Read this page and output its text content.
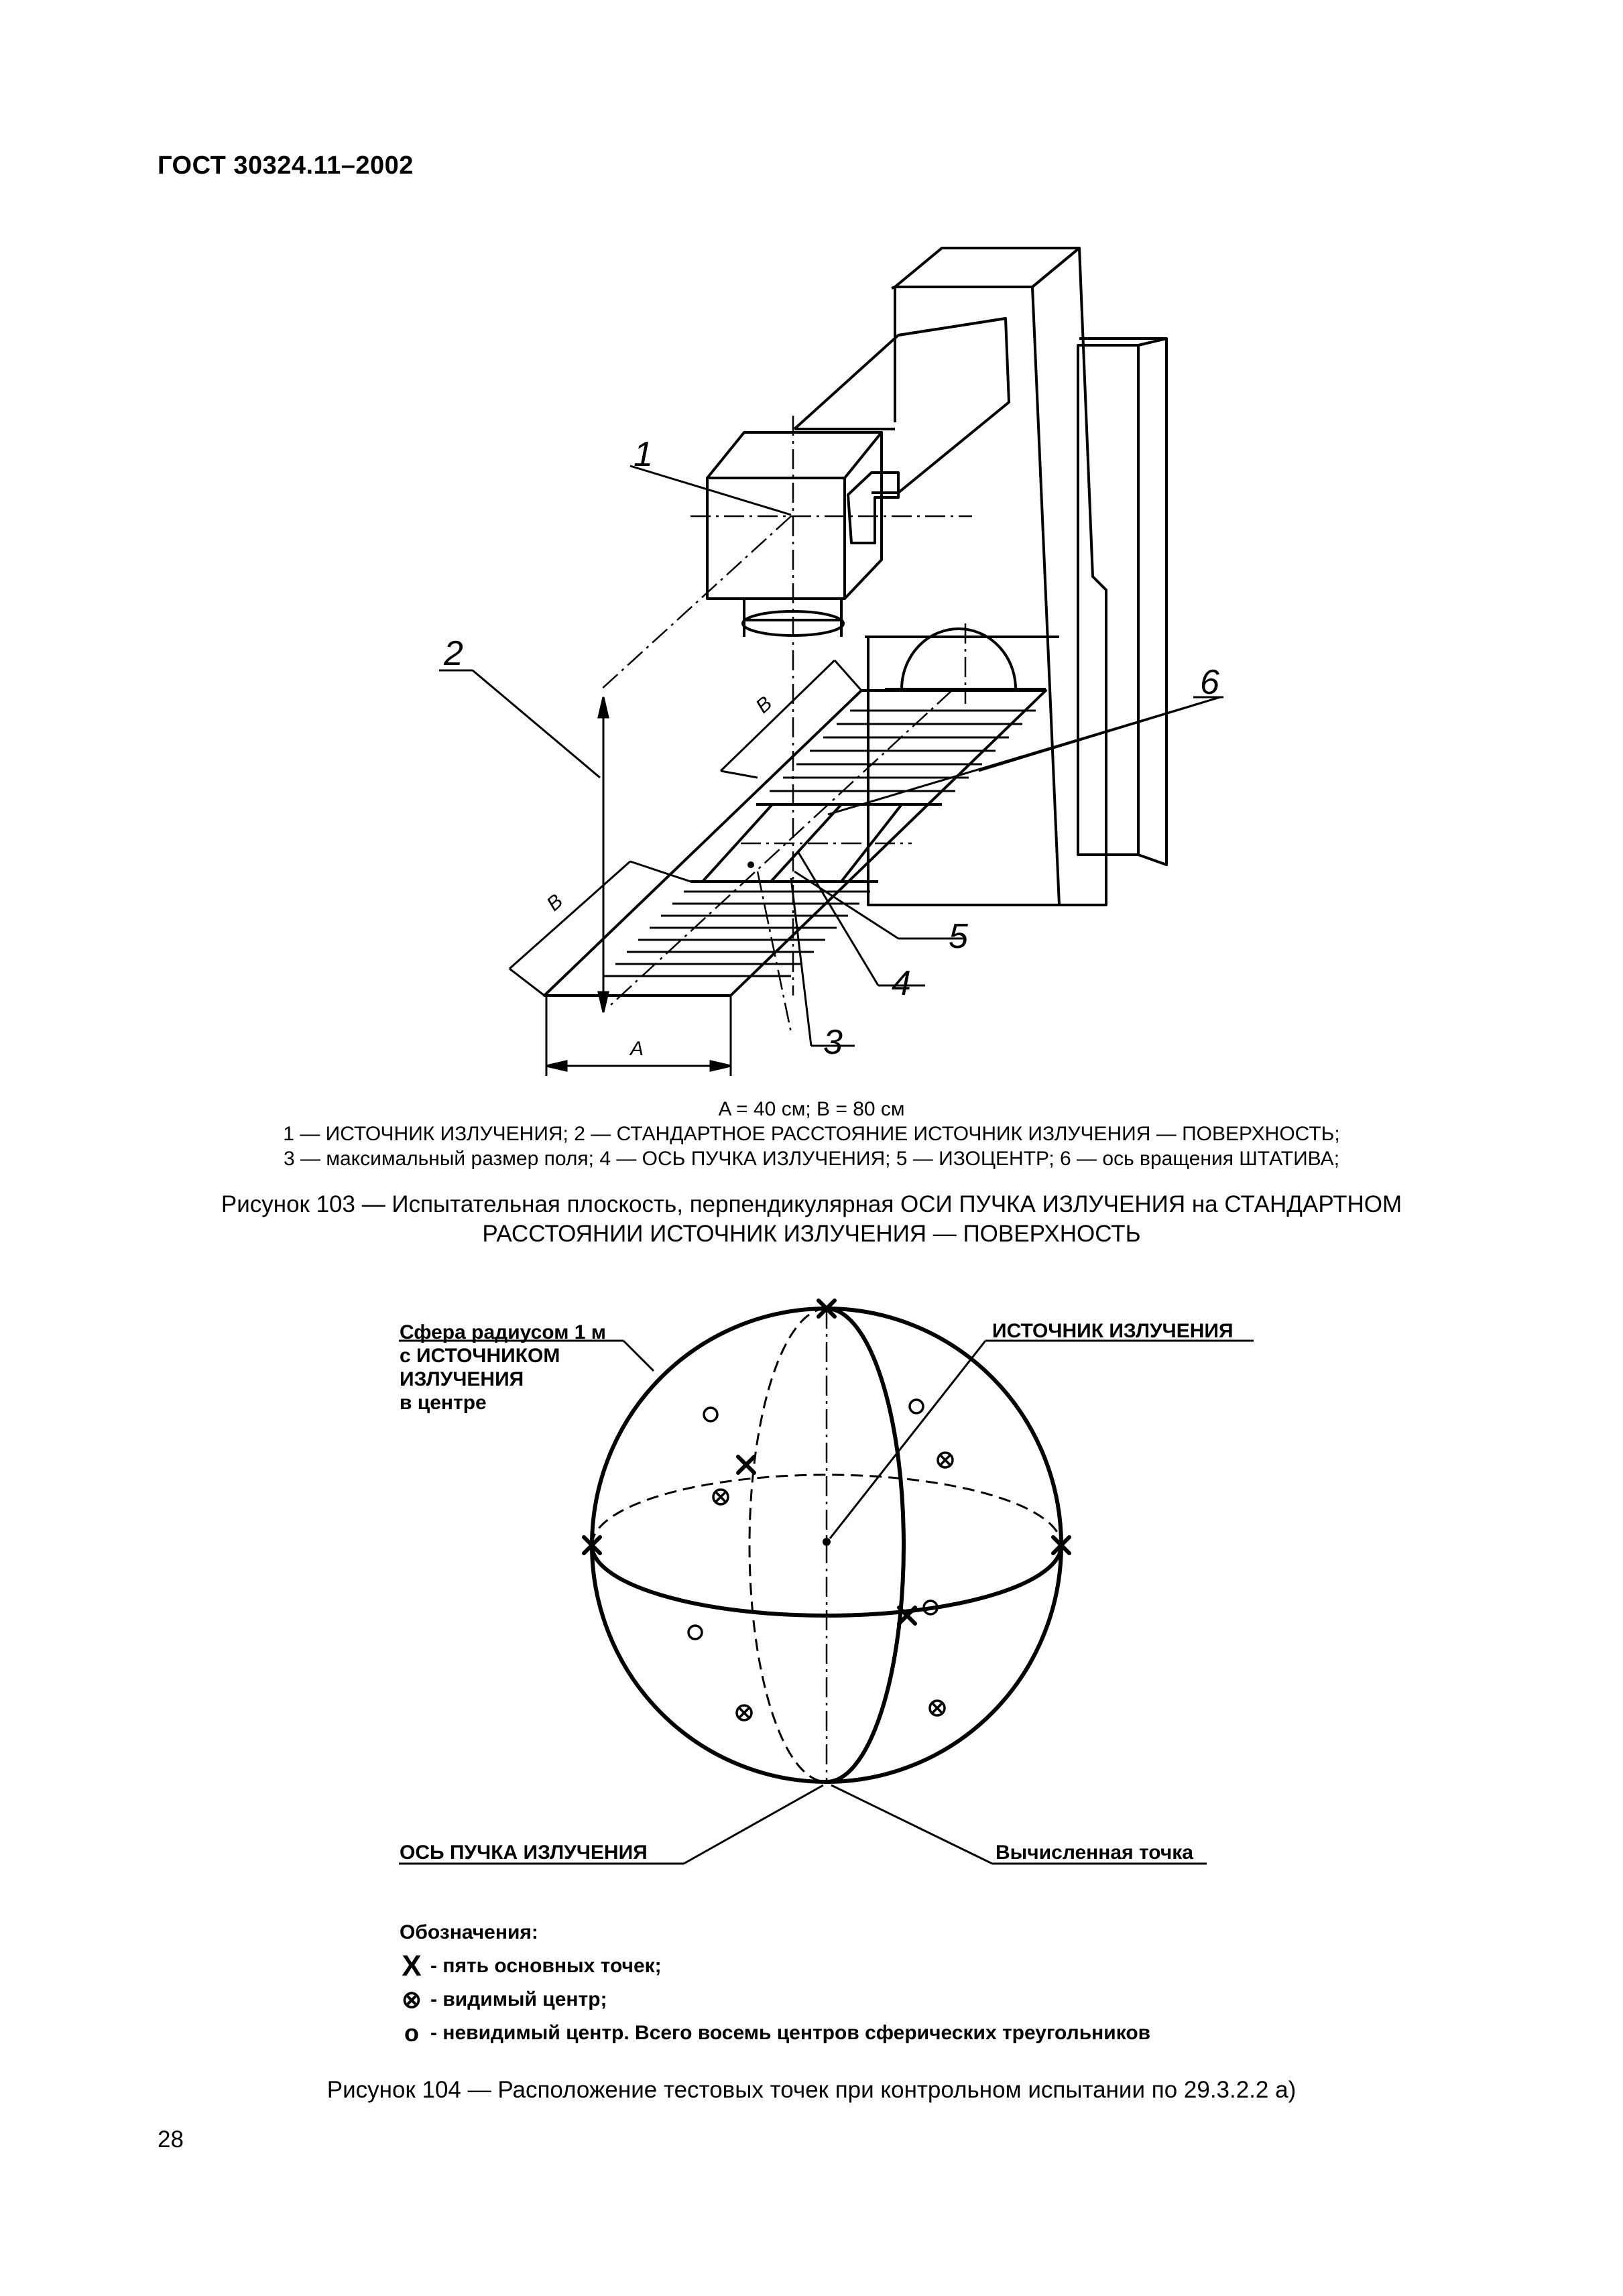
ГОСТ 30324.11–2002
1
2
3
4
5
6
A
B
B
A = 40 см; B = 80 см
1 — ИСТОЧНИК ИЗЛУЧЕНИЯ; 2 — СТАНДАРТНОЕ РАССТОЯНИЕ ИСТОЧНИК ИЗЛУЧЕНИЯ — ПОВЕРХНОСТЬ;
3 — максимальный размер поля; 4 — ОСЬ ПУЧКА ИЗЛУЧЕНИЯ; 5 — ИЗОЦЕНТР; 6 — ось вращения ШТАТИВА;
Рисунок 103 — Испытательная плоскость, перпендикулярная ОСИ ПУЧКА ИЗЛУЧЕНИЯ на СТАНДАРТНОМ
РАССТОЯНИИ ИСТОЧНИК ИЗЛУЧЕНИЯ — ПОВЕРХНОСТЬ
Сфера радиусом 1 м
с ИСТОЧНИКОМ
ИЗЛУЧЕНИЯ
в центре
ИСТОЧНИК ИЗЛУЧЕНИЯ
ОСЬ ПУЧКА ИЗЛУЧЕНИЯ	Вычисленная точка
Обозначения:
X - пять основных точек;
⊗ - видимый центр;
o - невидимый центр. Всего восемь центров сферических треугольников
Рисунок 104 — Расположение тестовых точек при контрольном испытании по 29.3.2.2 а)
28
